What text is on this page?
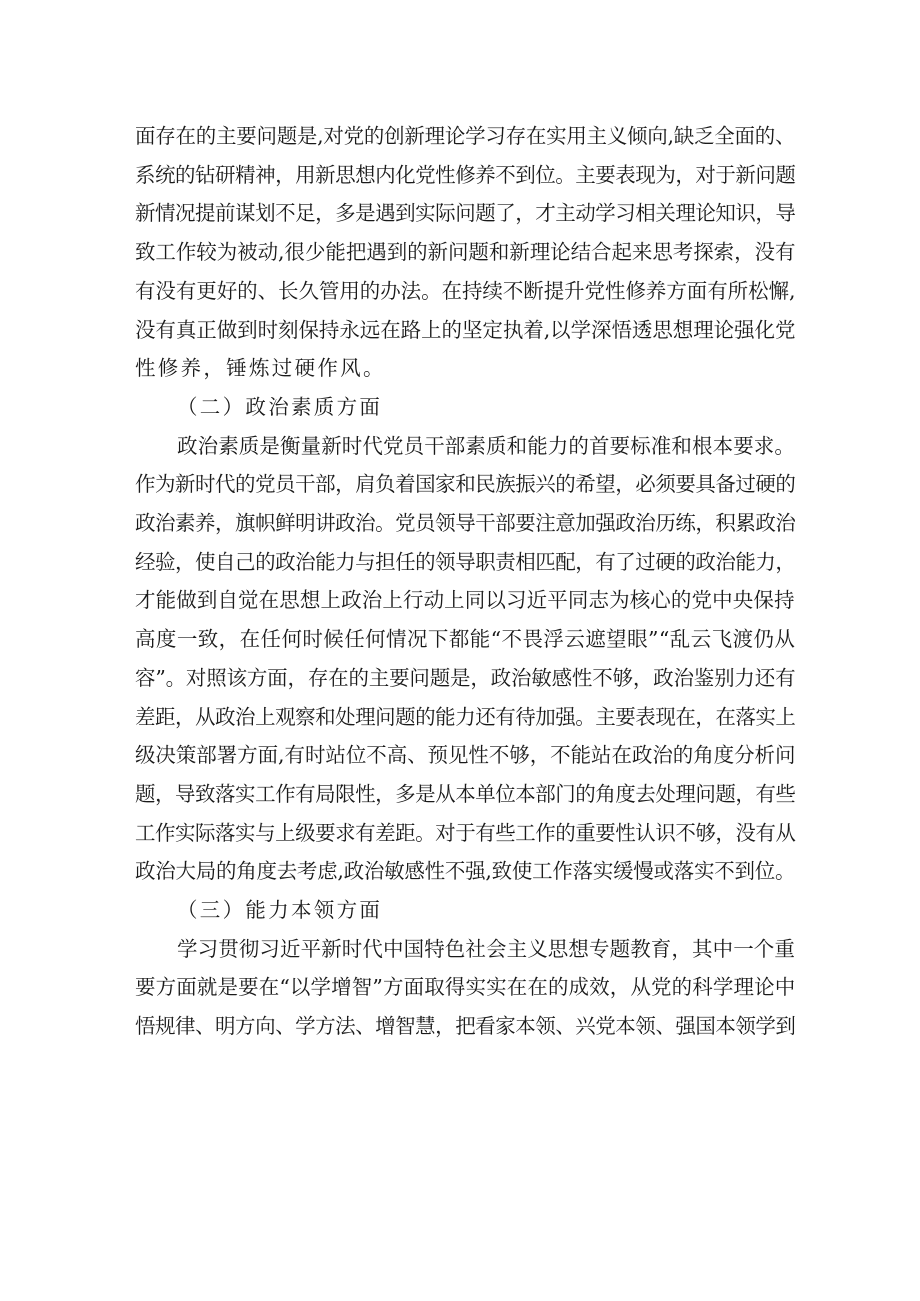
面存在的主要问题是,对党的创新理论学习存在实用主义倾向,缺乏全面的、
系统的钻研精神，用新思想内化党性修养不到位。主要表现为，对于新问题
新情况提前谋划不足，多是遇到实际问题了，才主动学习相关理论知识，导
致工作较为被动,很少能把遇到的新问题和新理论结合起来思考探索，没有
有没有更好的、长久管用的办法。在持续不断提升党性修养方面有所松懈,
没有真正做到时刻保持永远在路上的坚定执着,以学深悟透思想理论强化党
性修养，锤炼过硬作风。
（二）政治素质方面
政治素质是衡量新时代党员干部素质和能力的首要标准和根本要求。
作为新时代的党员干部，肩负着国家和民族振兴的希望，必须要具备过硬的
政治素养，旗帜鲜明讲政治。党员领导干部要注意加强政治历练，积累政治
经验，使自己的政治能力与担任的领导职责相匹配，有了过硬的政治能力，
才能做到自觉在思想上政治上行动上同以习近平同志为核心的党中央保持
高度一致，在任何时候任何情况下都能“不畏浮云遮望眼”“乱云飞渡仍从
容”。对照该方面，存在的主要问题是，政治敏感性不够，政治鉴别力还有
差距，从政治上观察和处理问题的能力还有待加强。主要表现在，在落实上
级决策部署方面,有时站位不高、预见性不够，不能站在政治的角度分析问
题，导致落实工作有局限性，多是从本单位本部门的角度去处理问题，有些
工作实际落实与上级要求有差距。对于有些工作的重要性认识不够，没有从
政治大局的角度去考虑,政治敏感性不强,致使工作落实缓慢或落实不到位。
（三）能力本领方面
学习贯彻习近平新时代中国特色社会主义思想专题教育，其中一个重
要方面就是要在“以学增智”方面取得实实在在的成效，从党的科学理论中
悟规律、明方向、学方法、增智慧，把看家本领、兴党本领、强国本领学到
